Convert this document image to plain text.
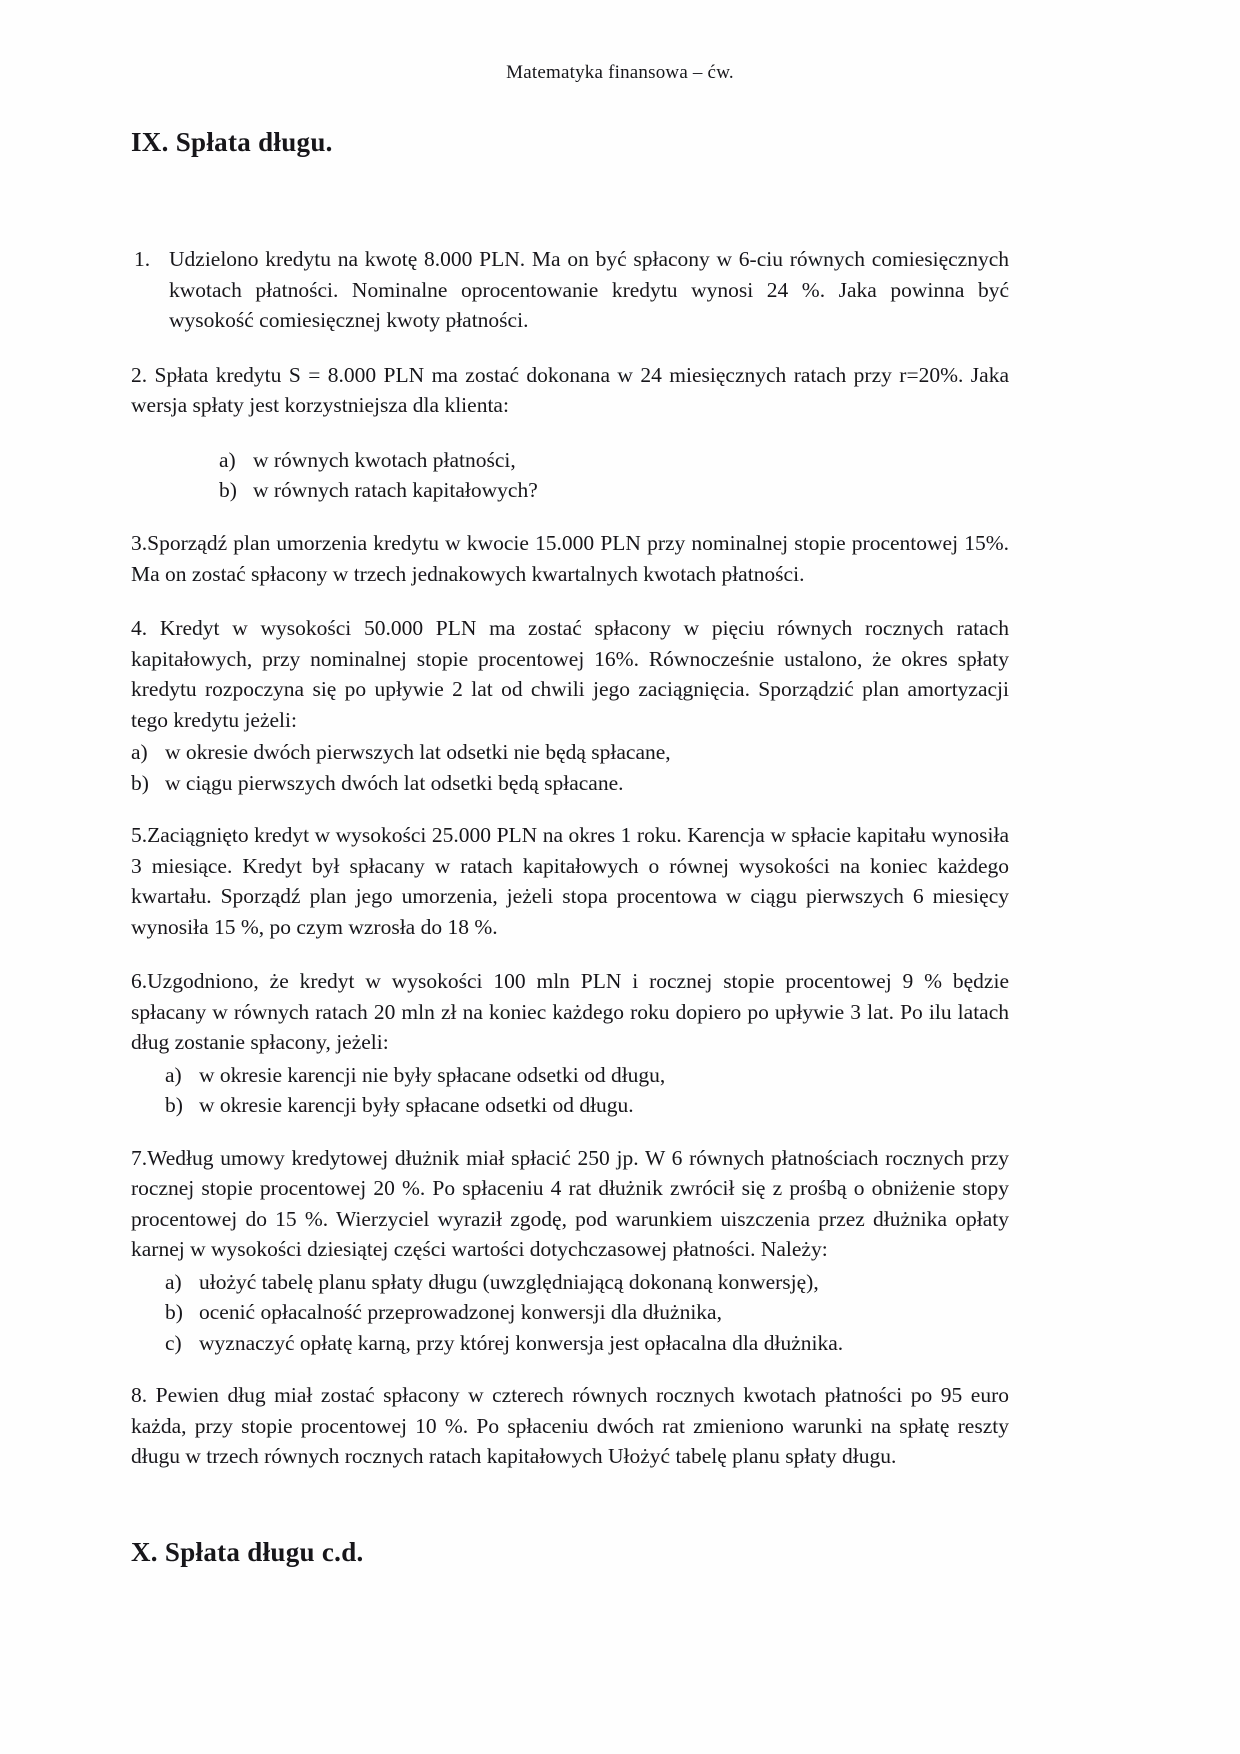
Matematyka finansowa – ćw.
IX. Spłata długu.
1. Udzielono kredytu na kwotę 8.000 PLN. Ma on być spłacony w 6-ciu równych comiesięcznych kwotach płatności. Nominalne oprocentowanie kredytu wynosi 24 %. Jaka powinna być wysokość comiesięcznej kwoty płatności.
2. Spłata kredytu S = 8.000 PLN ma zostać dokonana w 24 miesięcznych ratach przy r=20%. Jaka wersja spłaty jest korzystniejsza dla klienta:
a) w równych kwotach płatności,
b) w równych ratach kapitałowych?
3.Sporządź plan umorzenia kredytu w kwocie 15.000 PLN przy nominalnej stopie procentowej 15%. Ma on zostać spłacony w trzech jednakowych kwartalnych kwotach płatności.
4. Kredyt w wysokości 50.000 PLN ma zostać spłacony w pięciu równych rocznych ratach kapitałowych, przy nominalnej stopie procentowej 16%. Równocześnie ustalono, że okres spłaty kredytu rozpoczyna się po upływie 2 lat od chwili jego zaciągnięcia. Sporządzić plan amortyzacji tego kredytu jeżeli:
a) w okresie dwóch pierwszych lat odsetki nie będą spłacane,
b) w ciągu pierwszych dwóch lat odsetki będą spłacane.
5.Zaciągnięto kredyt w wysokości 25.000 PLN na okres 1 roku. Karencja w spłacie kapitału wynosiła 3 miesiące. Kredyt był spłacany w ratach kapitałowych o równej wysokości na koniec każdego kwartału. Sporządź plan jego umorzenia, jeżeli stopa procentowa w ciągu pierwszych 6 miesięcy wynosiła 15 %, po czym wzrosła do 18 %.
6.Uzgodniono, że kredyt w wysokości 100 mln PLN i rocznej stopie procentowej 9 % będzie spłacany w równych ratach 20 mln zł na koniec każdego roku dopiero po upływie 3 lat. Po ilu latach dług zostanie spłacony, jeżeli:
a) w okresie karencji nie były spłacane odsetki od długu,
b) w okresie karencji były spłacane odsetki od długu.
7.Według umowy kredytowej dłużnik miał spłacić 250 jp. W 6 równych płatnościach rocznych przy rocznej stopie procentowej 20 %. Po spłaceniu 4 rat dłużnik zwrócił się z prośbą o obniżenie stopy procentowej do 15 %. Wierzyciel wyraził zgodę, pod warunkiem uiszczenia przez dłużnika opłaty karnej w wysokości dziesiątej części wartości dotychczasowej płatności. Należy:
a) ułożyć tabelę planu spłaty długu (uwzględniającą dokonaną konwersję),
b) ocenić opłacalność przeprowadzonej konwersji dla dłużnika,
c) wyznaczyć opłatę karną, przy której konwersja jest opłacalna dla dłużnika.
8. Pewien dług miał zostać spłacony w czterech równych rocznych kwotach płatności po 95 euro każda, przy stopie procentowej 10 %. Po spłaceniu dwóch rat zmieniono warunki na spłatę reszty długu w trzech równych rocznych ratach kapitałowych Ułożyć tabelę planu spłaty długu.
X. Spłata długu c.d.
